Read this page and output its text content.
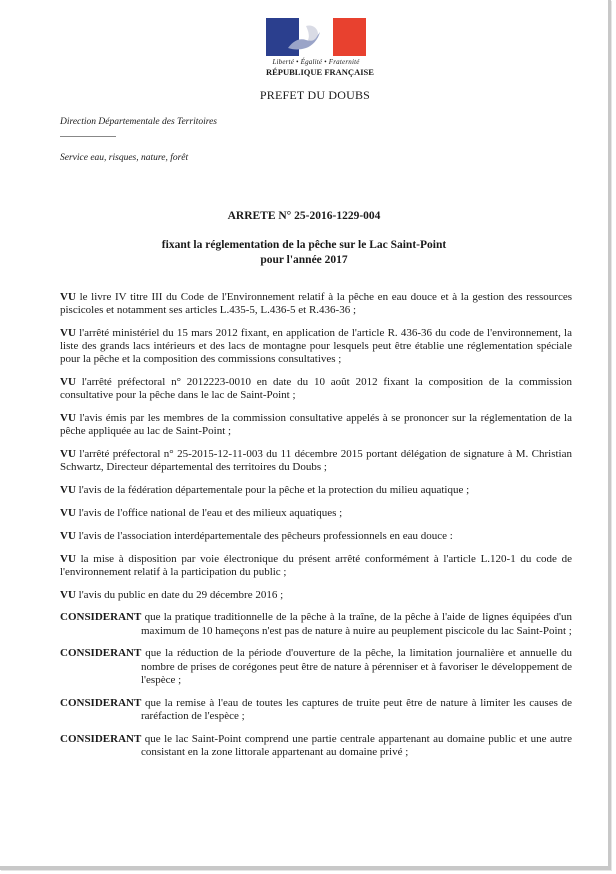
Liberté • Égalité • Fraternité
RÉPUBLIQUE FRANÇAISE
PREFET DU DOUBS
Direction Départementale des Territoires
Service eau, risques, nature, forêt
ARRETE N° 25-2016-1229-004
fixant la réglementation de la pêche sur le Lac Saint-Point
pour l'année 2017

VU le livre IV titre III du Code de l'Environnement relatif à la pêche en eau douce et à la gestion des ressources piscicoles et notamment ses articles L.435-5, L.436-5 et R.436-36 ;

VU l'arrêté ministériel du 15 mars 2012 fixant, en application de l'article R. 436-36 du code de l'environnement, la liste des grands lacs intérieurs et des lacs de montagne pour lesquels peut être établie une réglementation spéciale pour la pêche et la composition des commissions consultatives ;

VU l'arrêté préfectoral n° 2012223-0010 en date du 10 août 2012 fixant la composition de la commission consultative pour la pêche dans le lac de Saint-Point ;

VU l'avis émis par les membres de la commission consultative appelés à se prononcer sur la réglementation de la pêche appliquée au lac de Saint-Point ;

VU l'arrêté préfectoral n° 25-2015-12-11-003 du 11 décembre 2015 portant délégation de signature à M. Christian Schwartz, Directeur départemental des territoires du Doubs ;

VU l'avis de la fédération départementale pour la pêche et la protection du milieu aquatique ;

VU l'avis de l'office national de l'eau et des milieux aquatiques ;

VU l'avis de l'association interdépartementale des pêcheurs professionnels en eau douce :

VU la mise à disposition par voie électronique du présent arrêté conformément à l'article L.120-1 du code de l'environnement relatif à la participation du public ;

VU l'avis du public en date du 29 décembre 2016 ;

CONSIDERANT que la pratique traditionnelle de la pêche à la traîne, de la pêche à l'aide de lignes équipées d'un maximum de 10 hameçons n'est pas de nature à nuire au peuplement piscicole du lac Saint-Point ;

CONSIDERANT que la réduction de la période d'ouverture de la pêche, la limitation journalière et annuelle du nombre de prises de corégones peut être de nature à pérenniser et à favoriser le développement de l'espèce ;

CONSIDERANT que la remise à l'eau de toutes les captures de truite peut être de nature à limiter les causes de raréfaction de l'espèce ;

CONSIDERANT que le lac Saint-Point comprend une partie centrale appartenant au domaine public et une autre consistant en la zone littorale appartenant au domaine privé ;
